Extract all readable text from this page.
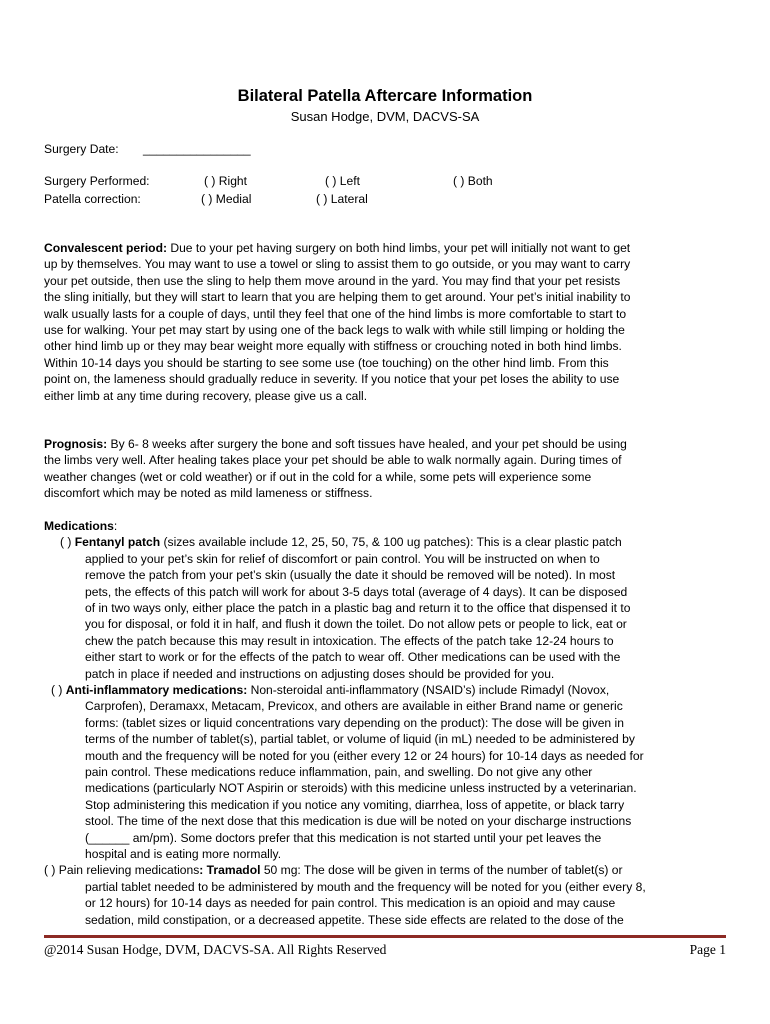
Bilateral Patella Aftercare Information
Susan Hodge, DVM, DACVS-SA
Surgery Date: ________________
Surgery Performed:	( ) Right	( ) Left	( ) Both
Patella correction:	( ) Medial	( ) Lateral
Convalescent period: Due to your pet having surgery on both hind limbs, your pet will initially not want to get
up by themselves. You may want to use a towel or sling to assist them to go outside, or you may want to carry
your pet outside, then use the sling to help them move around in the yard. You may find that your pet resists
the sling initially, but they will start to learn that you are helping them to get around. Your pet’s initial inability to
walk usually lasts for a couple of days, until they feel that one of the hind limbs is more comfortable to start to
use for walking. Your pet may start by using one of the back legs to walk with while still limping or holding the
other hind limb up or they may bear weight more equally with stiffness or crouching noted in both hind limbs.
Within 10-14 days you should be starting to see some use (toe touching) on the other hind limb. From this
point on, the lameness should gradually reduce in severity. If you notice that your pet loses the ability to use
either limb at any time during recovery, please give us a call.
Prognosis: By 6- 8 weeks after surgery the bone and soft tissues have healed, and your pet should be using
the limbs very well. After healing takes place your pet should be able to walk normally again. During times of
weather changes (wet or cold weather) or if out in the cold for a while, some pets will experience some
discomfort which may be noted as mild lameness or stiffness.
Medications:
( ) Fentanyl patch (sizes available include 12, 25, 50, 75, & 100 ug patches): This is a clear plastic patch
applied to your pet’s skin for relief of discomfort or pain control. You will be instructed on when to
remove the patch from your pet’s skin (usually the date it should be removed will be noted). In most
pets, the effects of this patch will work for about 3-5 days total (average of 4 days). It can be disposed
of in two ways only, either place the patch in a plastic bag and return it to the office that dispensed it to
you for disposal, or fold it in half, and flush it down the toilet. Do not allow pets or people to lick, eat or
chew the patch because this may result in intoxication. The effects of the patch take 12-24 hours to
either start to work or for the effects of the patch to wear off. Other medications can be used with the
patch in place if needed and instructions on adjusting doses should be provided for you.
( ) Anti-inflammatory medications: Non-steroidal anti-inflammatory (NSAID’s) include Rimadyl (Novox,
Carprofen), Deramaxx, Metacam, Previcox, and others are available in either Brand name or generic
forms: (tablet sizes or liquid concentrations vary depending on the product): The dose will be given in
terms of the number of tablet(s), partial tablet, or volume of liquid (in mL) needed to be administered by
mouth and the frequency will be noted for you (either every 12 or 24 hours) for 10-14 days as needed for
pain control. These medications reduce inflammation, pain, and swelling. Do not give any other
medications (particularly NOT Aspirin or steroids) with this medicine unless instructed by a veterinarian.
Stop administering this medication if you notice any vomiting, diarrhea, loss of appetite, or black tarry
stool. The time of the next dose that this medication is due will be noted on your discharge instructions
(______ am/pm). Some doctors prefer that this medication is not started until your pet leaves the
hospital and is eating more normally.
( ) Pain relieving medications: Tramadol 50 mg: The dose will be given in terms of the number of tablet(s) or
partial tablet needed to be administered by mouth and the frequency will be noted for you (either every 8,
or 12 hours) for 10-14 days as needed for pain control. This medication is an opioid and may cause
sedation, mild constipation, or a decreased appetite. These side effects are related to the dose of the
@2014 Susan Hodge, DVM, DACVS-SA. All Rights Reserved	Page 1
